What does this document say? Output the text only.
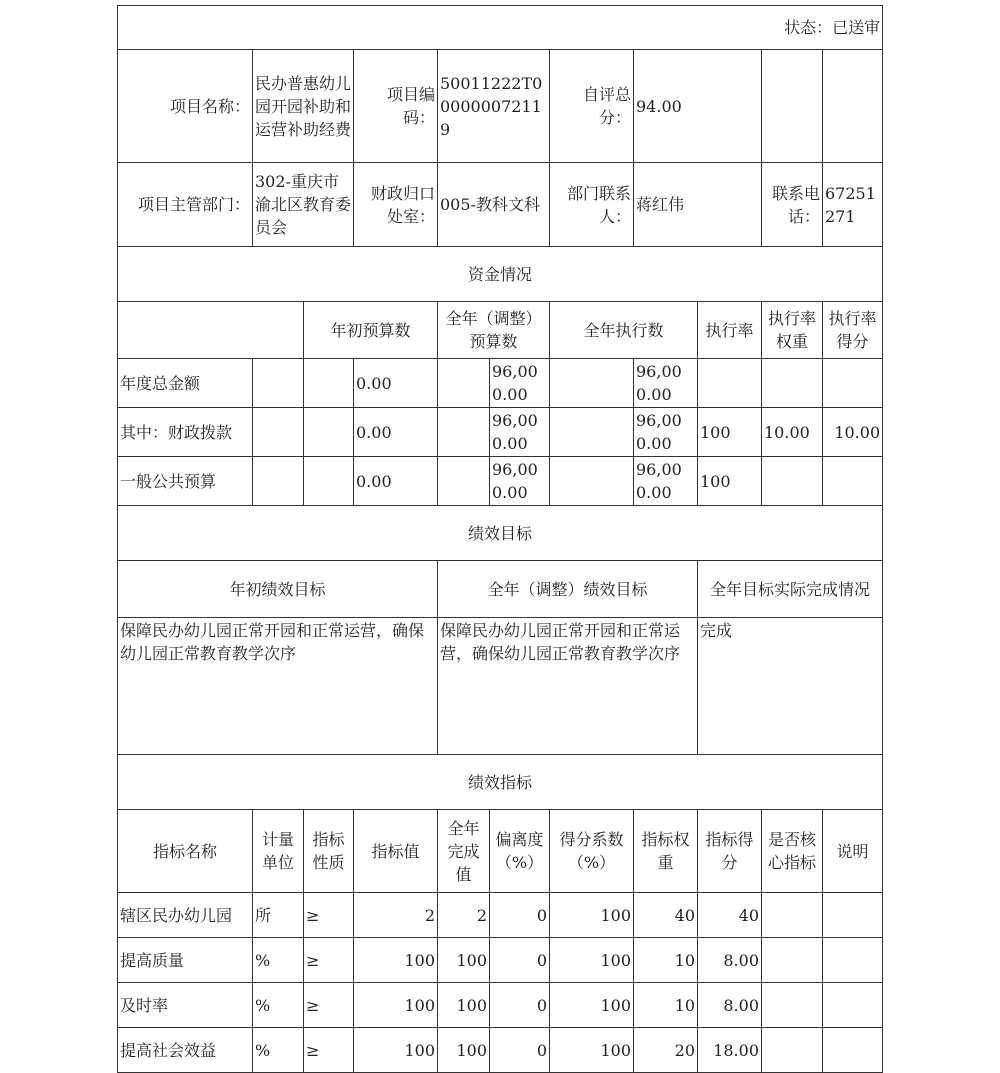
状态：已送审										
项目名称：	民办普惠幼儿园开园补助和运营补助经费		项目编码：	50011222T000000072119		自评总分：	94.00			
项目主管部门：	302-重庆市渝北区教育委员会		财政归口处室：	005-教科文科		部门联系人：	蒋红伟		联系电话：	67251271
资金情况										
		年初预算数		全年（调整）预算数		全年执行数		执行率	执行率权重	执行率得分
年度总金额			0.00		96,000.00		96,000.00			
其中：财政拨款			0.00		96,000.00		96,000.00	100	10.00	10.00
一般公共预算			0.00		96,000.00		96,000.00	100		
绩效目标										
年初绩效目标				全年（调整）绩效目标				全年目标实际完成情况		
保障民办幼儿园正常开园和正常运营，确保幼儿园正常教育教学次序				保障民办幼儿园正常开园和正常运营，确保幼儿园正常教育教学次序				完成		
绩效指标										
指标名称	计量单位	指标性质	指标值	全年完成值	偏离度（%）	得分系数（%）	指标权重	指标得分	是否核心指标	说明
辖区民办幼儿园	所	≥	2	2	0	100	40	40		
提高质量	%	≥	100	100	0	100	10	8.00		
及时率	%	≥	100	100	0	100	10	8.00		
提高社会效益	%	≥	100	100	0	100	20	18.00		
